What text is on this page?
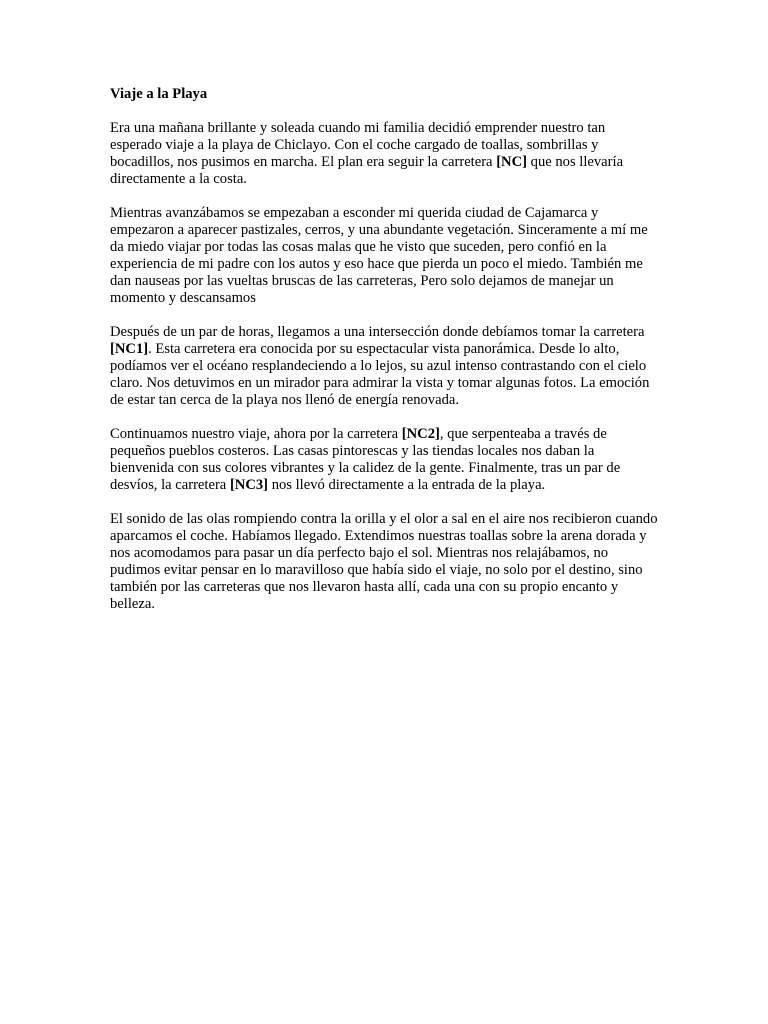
Viaje a la Playa

Era una mañana brillante y soleada cuando mi familia decidió emprender nuestro tan esperado viaje a la playa de Chiclayo. Con el coche cargado de toallas, sombrillas y bocadillos, nos pusimos en marcha. El plan era seguir la carretera [NC] que nos llevaría directamente a la costa.

Mientras avanzábamos se empezaban a esconder mi querida ciudad de Cajamarca y empezaron a aparecer pastizales, cerros, y una abundante vegetación. Sinceramente a mí me da miedo viajar por todas las cosas malas que he visto que suceden, pero confió en la experiencia de mi padre con los autos y eso hace que pierda un poco el miedo. También me dan nauseas por las vueltas bruscas de las carreteras, Pero solo dejamos de manejar un momento y descansamos

Después de un par de horas, llegamos a una intersección donde debíamos tomar la carretera [NC1]. Esta carretera era conocida por su espectacular vista panorámica. Desde lo alto, podíamos ver el océano resplandeciendo a lo lejos, su azul intenso contrastando con el cielo claro. Nos detuvimos en un mirador para admirar la vista y tomar algunas fotos. La emoción de estar tan cerca de la playa nos llenó de energía renovada.

Continuamos nuestro viaje, ahora por la carretera [NC2], que serpenteaba a través de pequeños pueblos costeros. Las casas pintorescas y las tiendas locales nos daban la bienvenida con sus colores vibrantes y la calidez de la gente. Finalmente, tras un par de desvíos, la carretera [NC3] nos llevó directamente a la entrada de la playa.

El sonido de las olas rompiendo contra la orilla y el olor a sal en el aire nos recibieron cuando aparcamos el coche. Habíamos llegado. Extendimos nuestras toallas sobre la arena dorada y nos acomodamos para pasar un día perfecto bajo el sol. Mientras nos relajábamos, no pudimos evitar pensar en lo maravilloso que había sido el viaje, no solo por el destino, sino también por las carreteras que nos llevaron hasta allí, cada una con su propio encanto y belleza.
